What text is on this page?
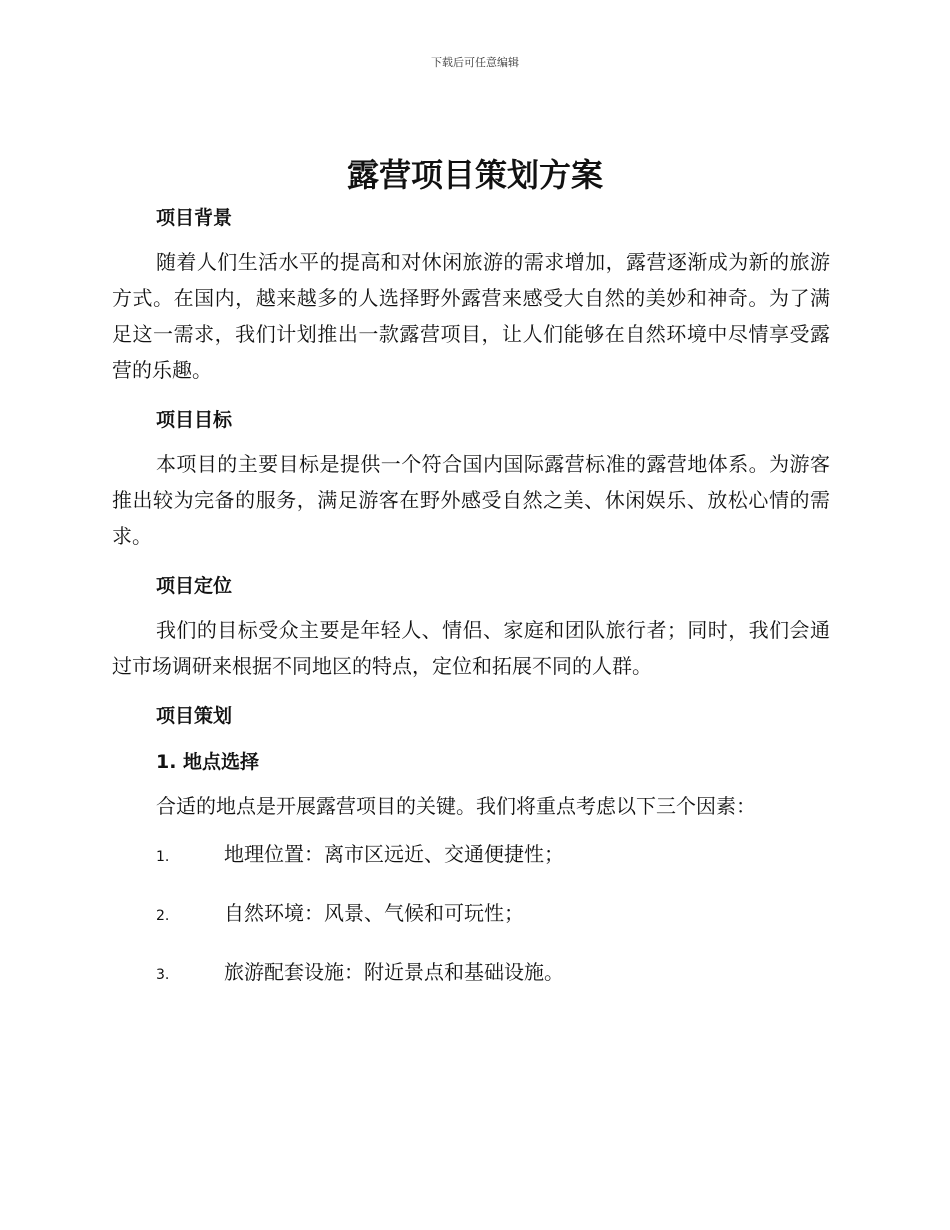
下载后可任意编辑
露营项目策划方案
项目背景

随着人们生活水平的提高和对休闲旅游的需求增加，露营逐渐成为新的旅游方式。在国内，越来越多的人选择野外露营来感受大自然的美妙和神奇。为了满足这一需求，我们计划推出一款露营项目，让人们能够在自然环境中尽情享受露营的乐趣。

项目目标

本项目的主要目标是提供一个符合国内国际露营标准的露营地体系。为游客推出较为完备的服务，满足游客在野外感受自然之美、休闲娱乐、放松心情的需求。

项目定位

我们的目标受众主要是年轻人、情侣、家庭和团队旅行者；同时，我们会通过市场调研来根据不同地区的特点，定位和拓展不同的人群。

项目策划
1. 地点选择

合适的地点是开展露营项目的关键。我们将重点考虑以下三个因素：

1.	地理位置：离市区远近、交通便捷性；
2.	自然环境：风景、气候和可玩性；
3.	旅游配套设施：附近景点和基础设施。
